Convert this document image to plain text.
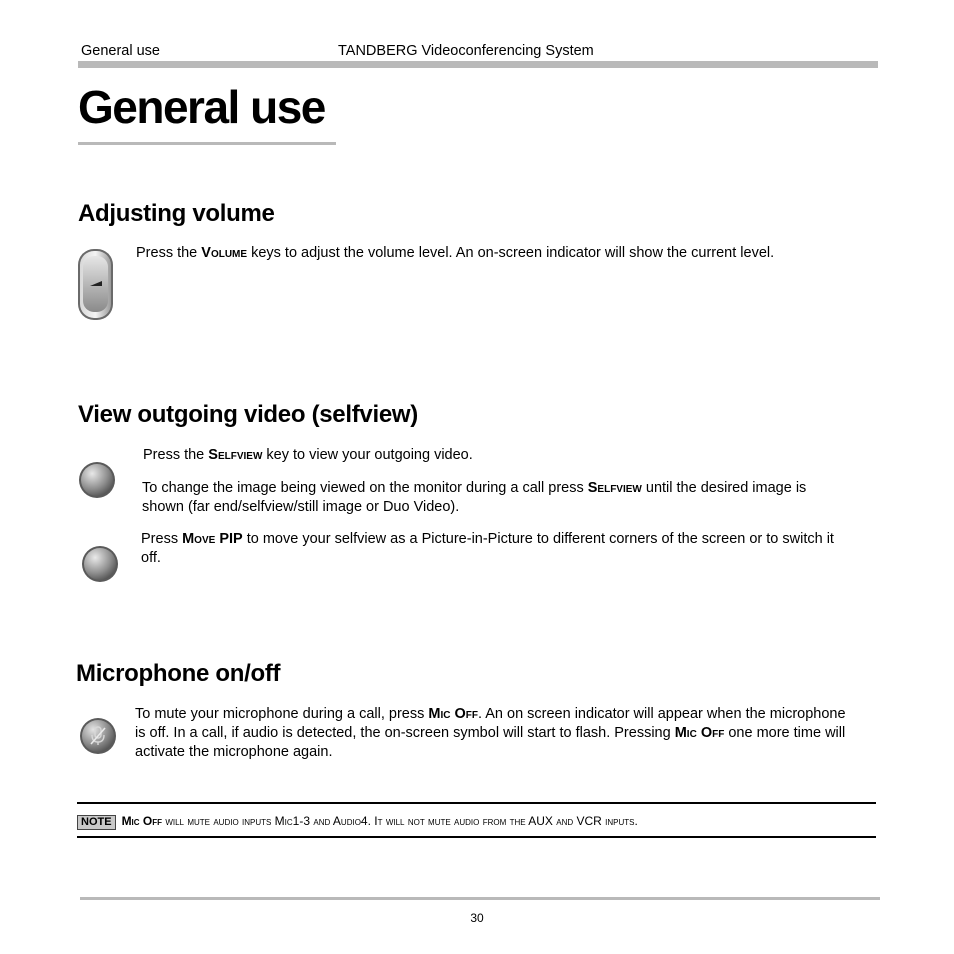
General use	TANDBERG Videoconferencing System
General use
Adjusting volume
Press the Volume keys to adjust the volume level. An on-screen indicator will show the current level.
View outgoing video (selfview)
Press the Selfview key to view your outgoing video.
To change the image being viewed on the monitor during a call press Selfview until the desired image is shown (far end/selfview/still image or Duo Video).
Press Move PIP to move your selfview as a Picture-in-Picture to different corners of the screen or to switch it off.
Microphone on/off
To mute your microphone during a call, press Mic Off. An on screen indicator will appear when the microphone is off. In a call, if audio is detected, the on-screen symbol will start to flash. Pressing Mic Off one more time will activate the microphone again.
NOTE Mic Off will mute audio inputs Mic1-3 and Audio4. It will not mute audio from the AUX and VCR inputs.
30
